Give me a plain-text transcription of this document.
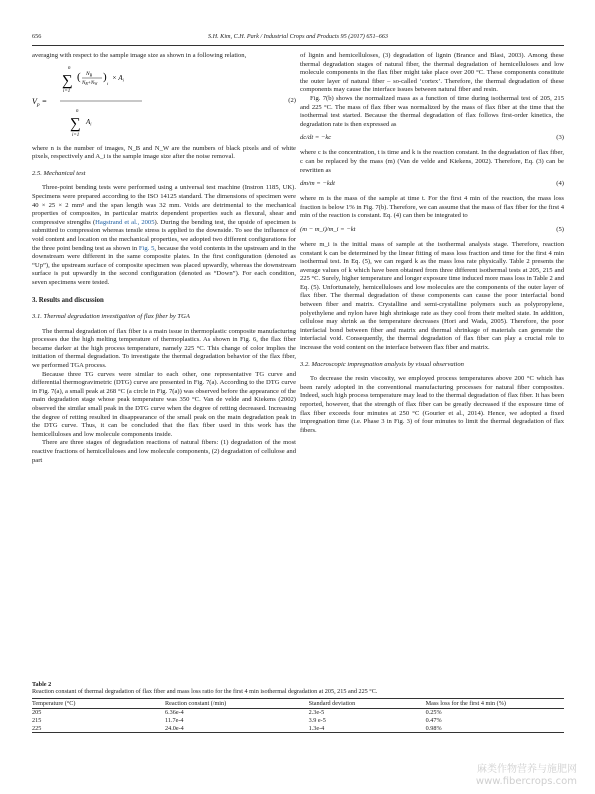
656	S.H. Kim, C.H. Park / Industrial Crops and Products 95 (2017) 651–663

averaging with respect to the sample image size as shown in a following relation,

$V_p$ =
n
∑
i=1
( $N_B$
$N_B+N_W$
)
i
× $A_i$
n
∑
i=1
$A_i$
(2)

where n is the number of images, N_B and N_W are the numbers of black pixels and of white pixels, respectively and A_i is the sample image size after the noise removal.

2.5. Mechanical test

Three-point bending tests were performed using a universal test machine (Instron 1185, UK). Specimens were prepared according to the ISO 14125 standard. The dimensions of specimen were 40 × 25 × 2 mm³ and the span length was 32 mm. Voids are detrimental to the mechanical properties of composites, in particular matrix dependent properties such as flexural, shear and compressive strengths (Hagstrand et al., 2005). During the bending test, the upside of specimen is submitted to compression whereas tensile stress is applied to the downside. To see the influence of void content and location on the mechanical properties, we adopted two different configurations for the three point bending test as shown in Fig. 5, because the void contents in the upstream and in the downstream were different in the same composite plates. In the first configuration (denoted as “Up”), the upstream surface of composite specimen was placed upwardly, whereas the downstream surface is put upwardly in the second configuration (denoted as “Down”). For each condition, seven specimens were tested.

3. Results and discussion
3.1. Thermal degradation investigation of flax fiber by TGA

The thermal degradation of flax fiber is a main issue in thermoplastic composite manufacturing processes due the high melting temperature of thermoplastics. As shown in Fig. 6, the flax fiber became darker at the high process temperature, namely 225 °C. This change of color implies the initiation of thermal degradation. To investigate the thermal degradation behavior of the flax fiber, we performed TGA process.

Because three TG curves were similar to each other, one representative TG curve and differential thermogravimetric (DTG) curve are presented in Fig. 7(a). According to the DTG curve in Fig. 7(a), a small peak at 268 °C (a circle in Fig. 7(a)) was observed before the appearance of the main degradation stage whose peak temperature was 350 °C. Van de velde and Kiekens (2002) observed the similar small peak in the DTG curve when the degree of retting decreased. Increasing the degree of retting resulted in disappearance of the small peak on the main degradation peak in the DTG curve. Thus, it can be concluded that the flax fiber used in this work has the hemicelluloses and low molecule components inside.

There are three stages of degradation reactions of natural fibers: (1) degradation of the most reactive fractions of hemicelluloses and low molecule components, (2) degradation of cellulose and part

of lignin and hemicelluloses, (3) degradation of lignin (Brance and Blasi, 2003). Among these thermal degradation stages of natural fiber, the thermal degradation of hemicelluloses and low molecule components in the flax fiber might take place over 200 °C. These components constitute the outer layer of natural fiber – so-called ‘cortex’. Therefore, the thermal degradation of these components may cause the interface issues between natural fiber and resin.

Fig. 7(b) shows the normalized mass as a function of time during isothermal test of 205, 215 and 225 °C. The mass of flax fiber was normalized by the mass of flax fiber at the time that the isothermal test started. Because the thermal degradation of flax follows first-order kinetics, the degradation rate is then expressed as

dc/dt = −kc	(3)

where c is the concentration, t is time and k is the reaction constant. In the degradation of flax fiber, c can be replaced by the mass (m) (Van de velde and Kiekens, 2002). Therefore, Eq. (3) can be rewritten as

dm/m = −kdt	(4)

where m is the mass of the sample at time t. For the first 4 min of the reaction, the mass loss fraction is below 1% in Fig. 7(b). Therefore, we can assume that the mass of flax fiber for the first 4 min of the reaction is constant. Eq. (4) can then be integrated to

(m − m_i)/m_i = −kt	(5)

where m_i is the initial mass of sample at the isothermal analysis stage. Therefore, reaction constant k can be determined by the linear fitting of mass loss fraction and time for the first 4 min isothermal test. In Eq. (5), we can regard k as the mass loss rate physically. Table 2 presents the average values of k which have been obtained from three different isothermal tests at 205, 215 and 225 °C. Surely, higher temperature and longer exposure time induced more mass loss in Table 2 and Eq. (5). Unfortunately, hemicelluloses and low molecules are the components of the outer layer of flax fiber. The thermal degradation of these components can cause the poor interfacial bond between fiber and matrix. Crystalline and semi-crystalline polymers such as polypropylene, polyethylene and nylon have high shrinkage rate as they cool from their melted state. In addition, cellulose may shrink as the temperature decreases (Hori and Wada, 2005). Therefore, the poor interfacial bond between fiber and matrix and thermal shrinkage of materials can generate the interfacial void. Consequently, the thermal degradation of flax fiber can play a crucial role to increase the void content on the interface between flax fiber and matrix.

3.2. Macroscopic impregnation analysis by visual observation

To decrease the resin viscosity, we employed process temperatures above 200 °C which has been rarely adopted in the conventional manufacturing processes for natural fiber composites. Indeed, such high process temperature may lead to the thermal degradation of flax fiber. It has been reported, however, that the strength of flax fiber can be greatly decreased if the exposure time of flax fiber exceeds four minutes at 250 °C (Gourier et al., 2014). Hence, we adopted a fixed impregnation time (i.e. Phase 3 in Fig. 3) of four minutes to limit the thermal degradation of flax fibers.

Table 2
Reaction constant of thermal degradation of flax fiber and mass loss ratio for the first 4 min isothermal degradation at 205, 215 and 225 °C.
Temperature (°C)	Reaction constant (/min)	Standard deviation	Mass loss for the first 4 min (%)
205	6.36e-4	2.3e-5	0.25%
215	11.7e-4	3.9 e-5	0.47%
225	24.0e-4	1.3e-4	0.98%
麻类作物营养与施肥网
www.fibercrops.com
